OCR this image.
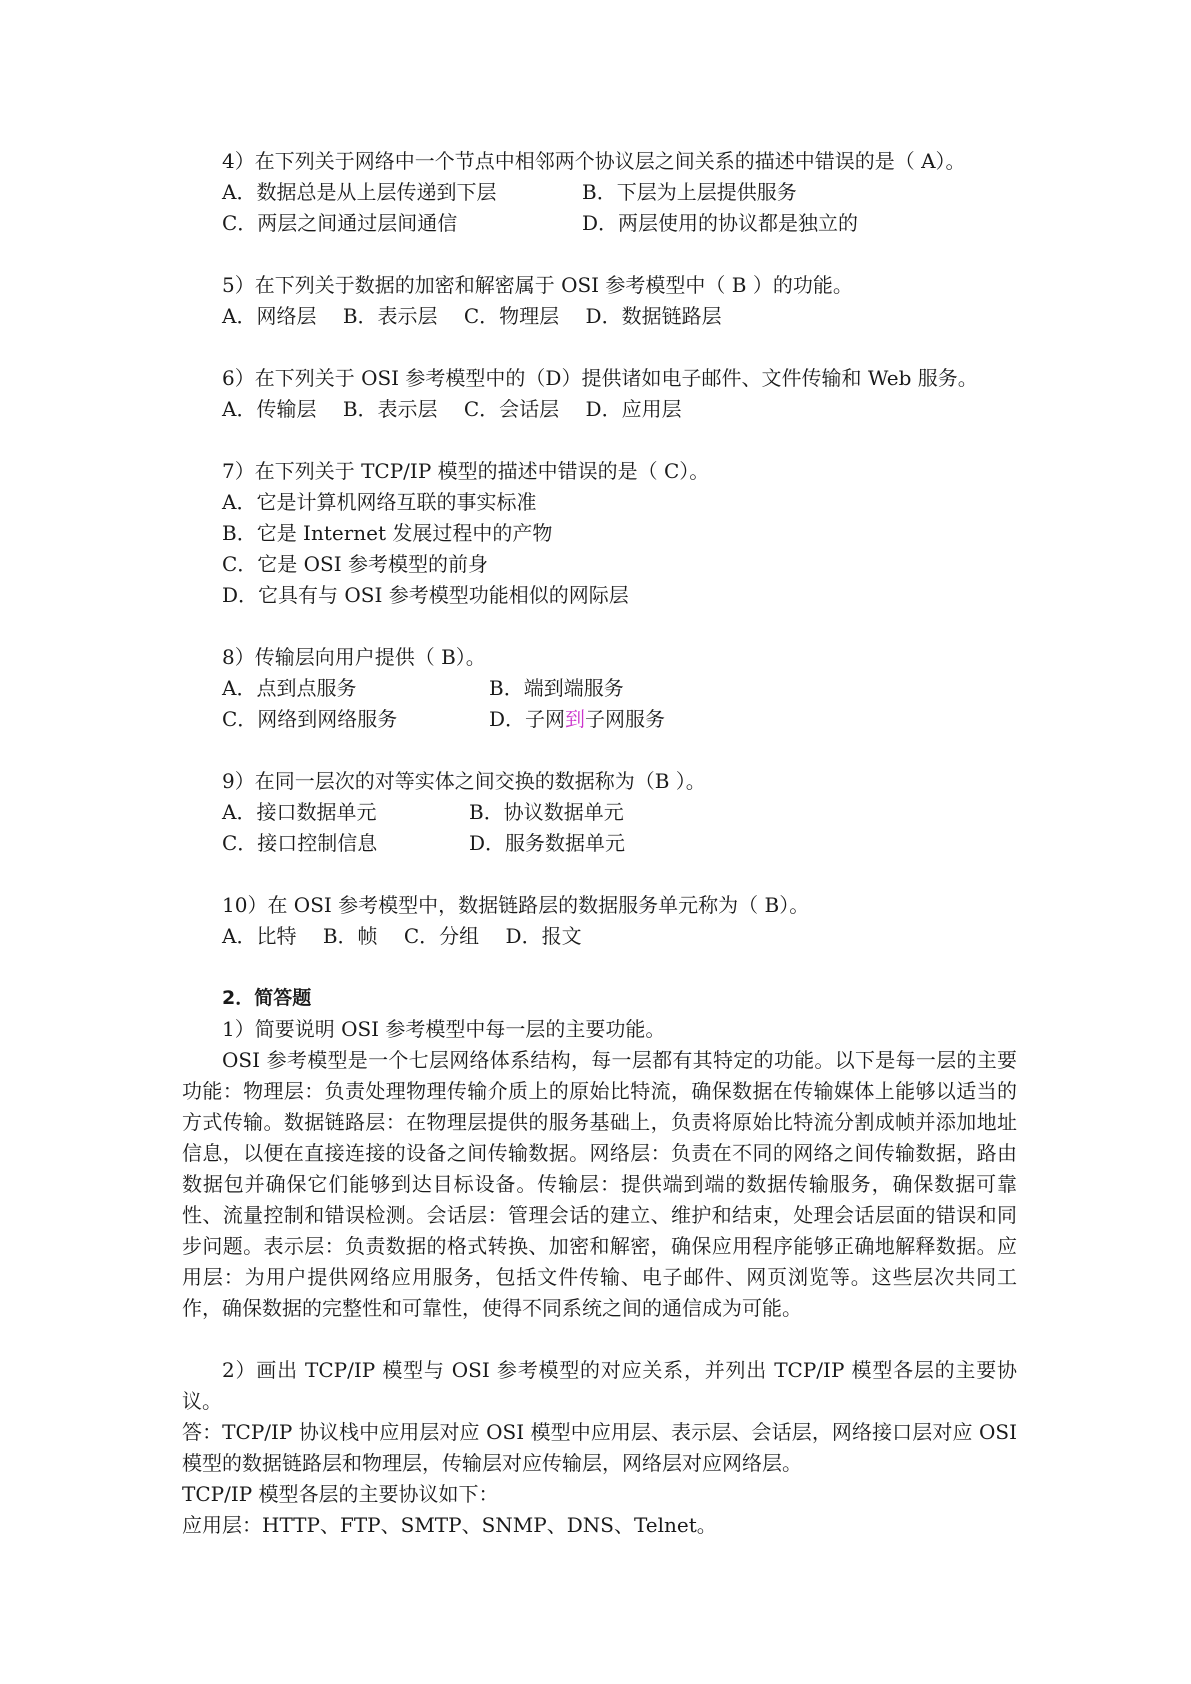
4）在下列关于网络中一个节点中相邻两个协议层之间关系的描述中错误的是（ A）。
A．数据总是从上层传递到下层	B．下层为上层提供服务
C．两层之间通过层间通信	D．两层使用的协议都是独立的
5）在下列关于数据的加密和解密属于 OSI 参考模型中（ B ）的功能。
A．网络层 B．表示层 C．物理层 D．数据链路层
6）在下列关于 OSI 参考模型中的（D）提供诸如电子邮件、文件传输和 Web 服务。
A．传输层 B．表示层 C．会话层 D．应用层
7）在下列关于 TCP/IP 模型的描述中错误的是（ C）。
A．它是计算机网络互联的事实标准
B．它是 Internet 发展过程中的产物
C．它是 OSI 参考模型的前身
D．它具有与 OSI 参考模型功能相似的网际层
8）传输层向用户提供（ B）。
A．点到点服务	B．端到端服务
C．网络到网络服务	D．子网到子网服务
9）在同一层次的对等实体之间交换的数据称为（B ）。
A．接口数据单元	B．协议数据单元
C．接口控制信息	D．服务数据单元
10）在 OSI 参考模型中，数据链路层的数据服务单元称为（ B）。
A．比特 B．帧 C．分组 D．报文
2．简答题
1）简要说明 OSI 参考模型中每一层的主要功能。

OSI 参考模型是一个七层网络体系结构，每一层都有其特定的功能。以下是每一层的主要功能：物理层：负责处理物理传输介质上的原始比特流，确保数据在传输媒体上能够以适当的方式传输。数据链路层：在物理层提供的服务基础上，负责将原始比特流分割成帧并添加地址信息，以便在直接连接的设备之间传输数据。网络层：负责在不同的网络之间传输数据，路由数据包并确保它们能够到达目标设备。传输层：提供端到端的数据传输服务，确保数据可靠性、流量控制和错误检测。会话层：管理会话的建立、维护和结束，处理会话层面的错误和同步问题。表示层：负责数据的格式转换、加密和解密，确保应用程序能够正确地解释数据。应用层：为用户提供网络应用服务，包括文件传输、电子邮件、网页浏览等。这些层次共同工作，确保数据的完整性和可靠性，使得不同系统之间的通信成为可能。

2）画出 TCP/IP 模型与 OSI 参考模型的对应关系，并列出 TCP/IP 模型各层的主要协议。

答：TCP/IP 协议栈中应用层对应 OSI 模型中应用层、表示层、会话层，网络接口层对应 OSI 模型的数据链路层和物理层，传输层对应传输层，网络层对应网络层。

TCP/IP 模型各层的主要协议如下：
应用层：HTTP、FTP、SMTP、SNMP、DNS、Telnet。
